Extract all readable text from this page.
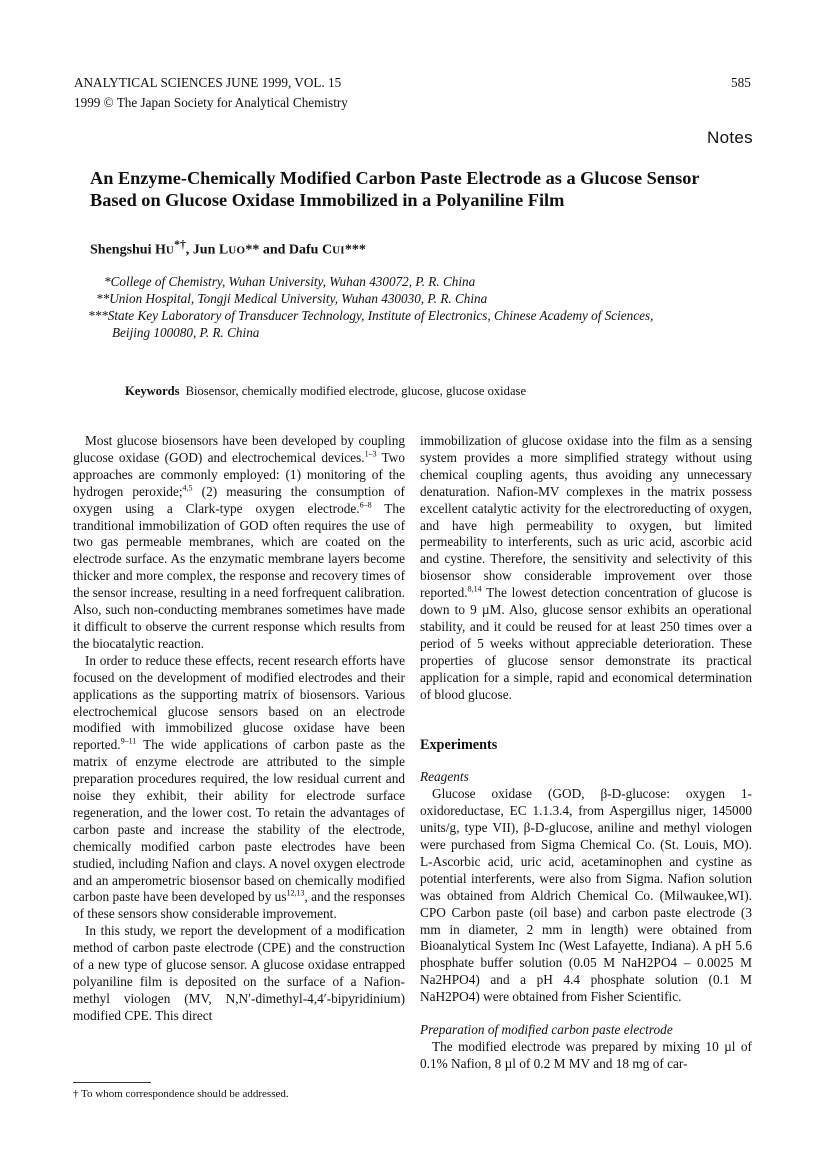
ANALYTICAL SCIENCES JUNE 1999, VOL. 15
1999 © The Japan Society for Analytical Chemistry
585
Notes
An Enzyme-Chemically Modified Carbon Paste Electrode as a Glucose Sensor
Based on Glucose Oxidase Immobilized in a Polyaniline Film
Shengshui HU*†, Jun LUO** and Dafu CUI***
*College of Chemistry, Wuhan University, Wuhan 430072, P. R. China
**Union Hospital, Tongji Medical University, Wuhan 430030, P. R. China
***State Key Laboratory of Transducer Technology, Institute of Electronics, Chinese Academy of Sciences,
Beijing 100080, P. R. China
Keywords Biosensor, chemically modified electrode, glucose, glucose oxidase

Most glucose biosensors have been developed by coupling glucose oxidase (GOD) and electrochemical devices.$^{1-3}$ Two approaches are commonly employed: (1) monitoring of the hydrogen peroxide;$^{4,5}$ (2) measuring the consumption of oxygen using a Clark-type oxygen electrode.$^{6-8}$ The tranditional immobilization of GOD often requires the use of two gas permeable membranes, which are coated on the electrode surface. As the enzymatic membrane layers become thicker and more complex, the response and recovery times of the sensor increase, resulting in a need forfrequent calibration. Also, such non-conducting membranes sometimes have made it difficult to observe the current response which results from the biocatalytic reaction.

In order to reduce these effects, recent research efforts have focused on the development of modified electrodes and their applications as the supporting matrix of biosensors. Various electrochemical glucose sensors based on an electrode modified with immobilized glucose oxidase have been reported.$^{9-11}$ The wide applications of carbon paste as the matrix of enzyme electrode are attributed to the simple preparation procedures required, the low residual current and noise they exhibit, their ability for electrode surface regeneration, and the lower cost. To retain the advantages of carbon paste and increase the stability of the electrode, chemically modified carbon paste electrodes have been studied, including Nafion and clays. A novel oxygen electrode and an amperometric biosensor based on chemically modified carbon paste have been developed by us$^{12,13}$, and the responses of these sensors show considerable improvement.

In this study, we report the development of a modification method of carbon paste electrode (CPE) and the construction of a new type of glucose sensor. A glucose oxidase entrapped polyaniline film is deposited on the surface of a Nafion-methyl viologen (MV, N,N′-dimethyl-4,4′-bipyridinium) modified CPE. This direct

† To whom correspondence should be addressed.

immobilization of glucose oxidase into the film as a sensing system provides a more simplified strategy without using chemical coupling agents, thus avoiding any unnecessary denaturation. Nafion-MV complexes in the matrix possess excellent catalytic activity for the electroreducting of oxygen, and have high permeability to oxygen, but limited permeability to interferents, such as uric acid, ascorbic acid and cystine. Therefore, the sensitivity and selectivity of this biosensor show considerable improvement over those reported.$^{8,14}$ The lowest detection concentration of glucose is down to 9 µM. Also, glucose sensor exhibits an operational stability, and it could be reused for at least 250 times over a period of 5 weeks without appreciable deterioration. These properties of glucose sensor demonstrate its practical application for a simple, rapid and economical determination of blood glucose.

Experiments
Reagents

Glucose oxidase (GOD, β-D-glucose: oxygen 1-oxidoreductase, EC 1.1.3.4, from Aspergillus niger, 145000 units/g, type VII), β-D-glucose, aniline and methyl viologen were purchased from Sigma Chemical Co. (St. Louis, MO). L-Ascorbic acid, uric acid, acetaminophen and cystine as potential interferents, were also from Sigma. Nafion solution was obtained from Aldrich Chemical Co. (Milwaukee,WI). CPO Carbon paste (oil base) and carbon paste electrode (3 mm in diameter, 2 mm in length) were obtained from Bioanalytical System Inc (West Lafayette, Indiana). A pH 5.6 phosphate buffer solution (0.05 M NaH2PO4 – 0.0025 M Na2HPO4) and a pH 4.4 phosphate solution (0.1 M NaH2PO4) were obtained from Fisher Scientific.

Preparation of modified carbon paste electrode

The modified electrode was prepared by mixing 10 µl of 0.1% Nafion, 8 µl of 0.2 M MV and 18 mg of car-
